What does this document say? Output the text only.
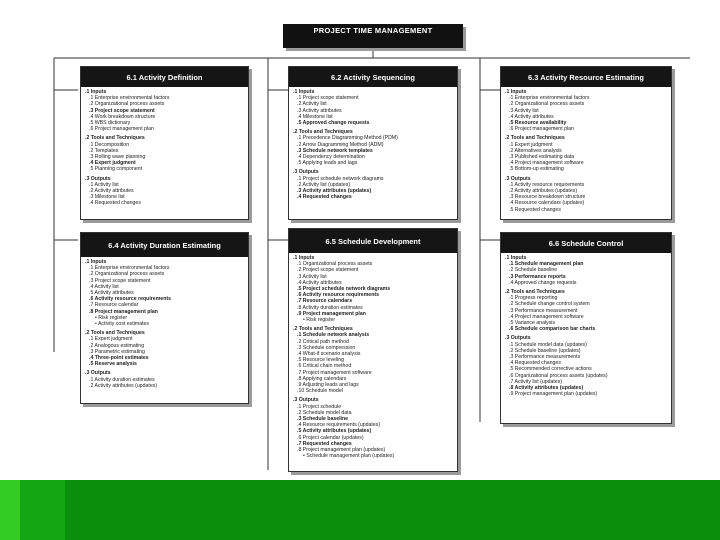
PROJECT TIME MANAGEMENT
6.1 Activity Definition
.1 Inputs
.1 Enterprise environmental factors
.2 Organizational process assets
.3 Project scope statement
.4 Work breakdown structure
.5 WBS dictionary
.6 Project management plan
.2 Tools and Techniques
.1 Decomposition
.2 Templates
.3 Rolling wave planning
.4 Expert judgment
.5 Planning component
.3 Outputs
.1 Activity list
.2 Activity attributes
.3 Milestone list
.4 Requested changes
6.2 Activity Sequencing
.1 Inputs
.1 Project scope statement
.2 Activity list
.3 Activity attributes
.4 Milestone list
.5 Approved change requests
.2 Tools and Techniques
.1 Precedence Diagramming Method (PDM)
.2 Arrow Diagramming Method (ADM)
.3 Schedule network templates
.4 Dependency determination
.5 Applying leads and lags
.3 Outputs
.1 Project schedule network diagrams
.2 Activity list (updates)
.3 Activity attributes (updates)
.4 Requested changes
6.3 Activity Resource Estimating
.1 Inputs
.1 Enterprise environmental factors
.2 Organizational process assets
.3 Activity list
.4 Activity attributes
.5 Resource availability
.6 Project management plan
.2 Tools and Techniques
.1 Expert judgment
.2 Alternatives analysis
.3 Published estimating data
.4 Project management software
.5 Bottom-up estimating
.3 Outputs
.1 Activity resource requirements
.2 Activity attributes (updates)
.3 Resource breakdown structure
.4 Resource calendars (updates)
.5 Requested changes
6.4 Activity Duration Estimating
.1 Inputs
.1 Enterprise environmental factors
.2 Organizational process assets
.3 Project scope statement
.4 Activity list
.5 Activity attributes
.6 Activity resource requirements
.7 Resource calendar
.8 Project management plan
• Risk register
• Activity cost estimates
.2 Tools and Techniques
.1 Expert judgment
.2 Analogous estimating
.3 Parametric estimating
.4 Three-point estimates
.5 Reserve analysis
.3 Outputs
.1 Activity duration estimates
.2 Activity attributes (updates)
6.5 Schedule Development
.1 Inputs
.1 Organizational process assets
.2 Project scope statement
.3 Activity list
.4 Activity attributes
.5 Project schedule network diagrams
.6 Activity resource requirements
.7 Resource calendars
.8 Activity duration estimates
.9 Project management plan
• Risk register
.2 Tools and Techniques
.1 Schedule network analysis
.2 Critical path method
.3 Schedule compression
.4 What-if scenario analysis
.5 Resource leveling
.6 Critical chain method
.7 Project management software
.8 Applying calendars
.9 Adjusting leads and lags
.10 Schedule model
.3 Outputs
.1 Project schedule
.2 Schedule model data
.3 Schedule baseline
.4 Resource requirements (updates)
.5 Activity attributes (updates)
.6 Project calendar (updates)
.7 Requested changes
.8 Project management plan (updates)
• Schedule management plan (updates)
6.6 Schedule Control
.1 Inputs
.1 Schedule management plan
.2 Schedule baseline
.3 Performance reports
.4 Approved change requests
.2 Tools and Techniques
.1 Progress reporting
.2 Schedule change control system
.3 Performance measurement
.4 Project management software
.5 Variance analysis
.6 Schedule comparison bar charts
.3 Outputs
.1 Schedule model data (updates)
.2 Schedule baseline (updates)
.3 Performance measurements
.4 Requested changes
.5 Recommended corrective actions
.6 Organizational process assets (updates)
.7 Activity list (updates)
.8 Activity attributes (updates)
.9 Project management plan (updates)
